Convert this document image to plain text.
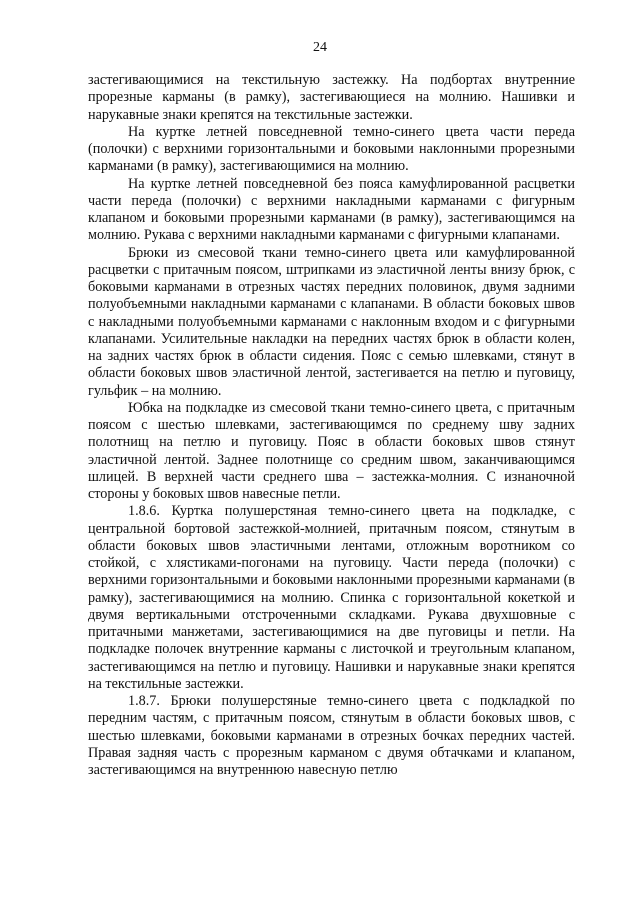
24

застегивающимися на текстильную застежку. На подбортах внутренние прорезные карманы (в рамку), застегивающиеся на молнию. Нашивки и нарукавные знаки крепятся на текстильные застежки.

На куртке летней повседневной темно-синего цвета части переда (полочки) с верхними горизонтальными и боковыми наклонными прорезными карманами (в рамку), застегивающимися на молнию.

На куртке летней повседневной без пояса камуфлированной расцветки части переда (полочки) с верхними накладными карманами с фигурным клапаном и боковыми прорезными карманами (в рамку), застегивающимся на молнию. Рукава с верхними накладными карманами с фигурными клапанами.

Брюки из смесовой ткани темно-синего цвета или камуфлированной расцветки с притачным поясом, штрипками из эластичной ленты внизу брюк, с боковыми карманами в отрезных частях передних половинок, двумя задними полуобъемными накладными карманами с клапанами. В области боковых швов с накладными полуобъемными карманами с наклонным входом и с фигурными клапанами. Усилительные накладки на передних частях брюк в области колен, на задних частях брюк в области сидения. Пояс с семью шлевками, стянут в области боковых швов эластичной лентой, застегивается на петлю и пуговицу, гульфик – на молнию.

Юбка на подкладке из смесовой ткани темно-синего цвета, с притачным поясом с шестью шлевками, застегивающимся по среднему шву задних полотнищ на петлю и пуговицу. Пояс в области боковых швов стянут эластичной лентой. Заднее полотнище со средним швом, заканчивающимся шлицей. В верхней части среднего шва – застежка-молния. С изнаночной стороны у боковых швов навесные петли.

1.8.6. Куртка полушерстяная темно-синего цвета на подкладке, с центральной бортовой застежкой-молнией, притачным поясом, стянутым в области боковых швов эластичными лентами, отложным воротником со стойкой, с хлястиками-погонами на пуговицу. Части переда (полочки) с верхними горизонтальными и боковыми наклонными прорезными карманами (в рамку), застегивающимися на молнию. Спинка с горизонтальной кокеткой и двумя вертикальными отстроченными складками. Рукава двухшовные с притачными манжетами, застегивающимися на две пуговицы и петли. На подкладке полочек внутренние карманы с листочкой и треугольным клапаном, застегивающимся на петлю и пуговицу. Нашивки и нарукавные знаки крепятся на текстильные застежки.

1.8.7. Брюки полушерстяные темно-синего цвета с подкладкой по передним частям, с притачным поясом, стянутым в области боковых швов, с шестью шлевками, боковыми карманами в отрезных бочках передних частей. Правая задняя часть с прорезным карманом с двумя обтачками и клапаном, застегивающимся на внутреннюю навесную петлю
